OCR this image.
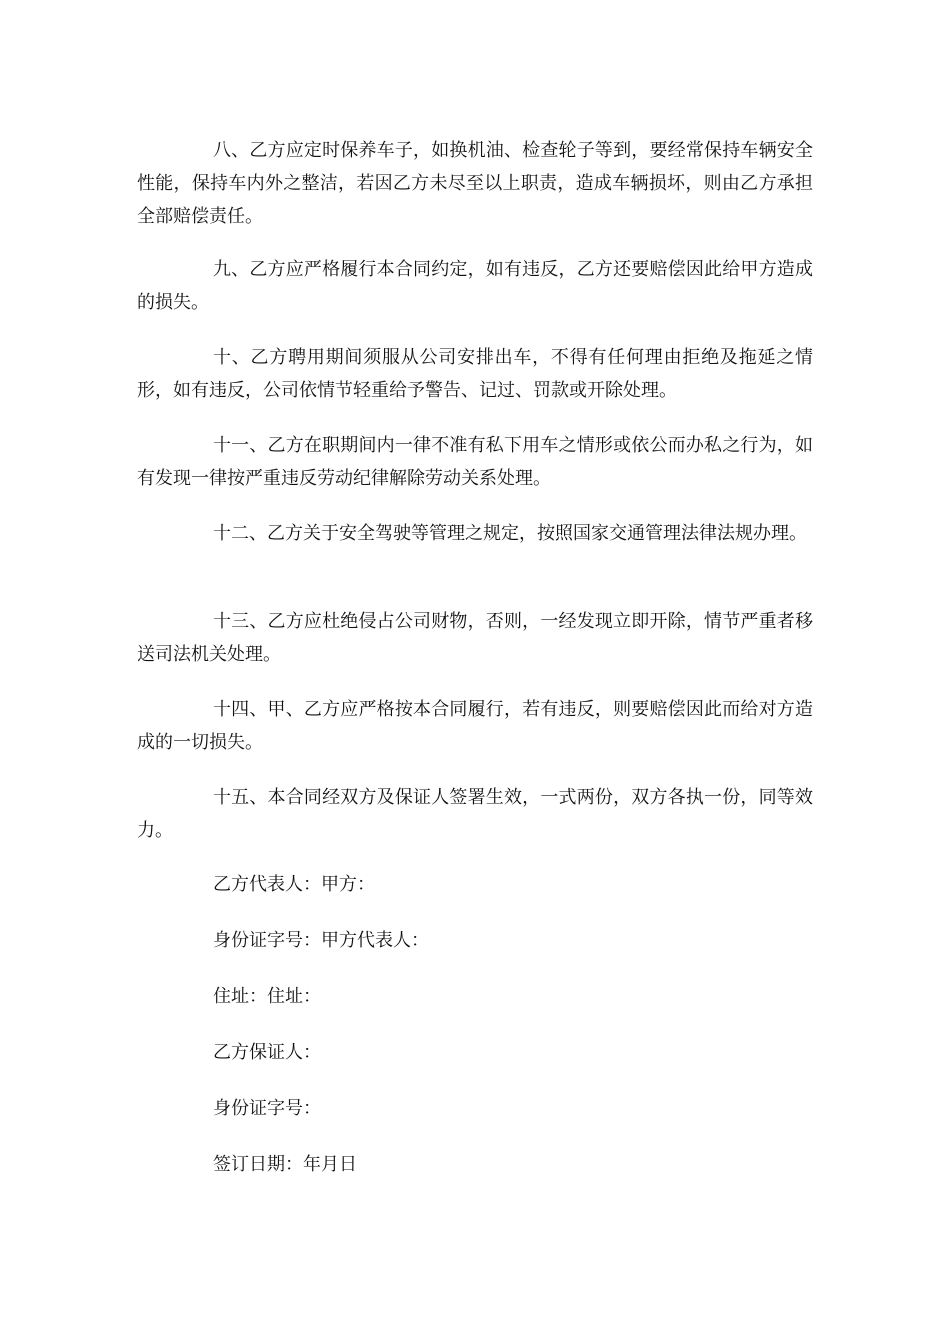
八、乙方应定时保养车子，如换机油、检查轮子等到，要经常保持车辆安全性能，保持车内外之整洁，若因乙方未尽至以上职责，造成车辆损坏，则由乙方承担全部赔偿责任。

九、乙方应严格履行本合同约定，如有违反，乙方还要赔偿因此给甲方造成的损失。

十、乙方聘用期间须服从公司安排出车，不得有任何理由拒绝及拖延之情形，如有违反，公司依情节轻重给予警告、记过、罚款或开除处理。

十一、乙方在职期间内一律不准有私下用车之情形或依公而办私之行为，如有发现一律按严重违反劳动纪律解除劳动关系处理。

十二、乙方关于安全驾驶等管理之规定，按照国家交通管理法律法规办理。

十三、乙方应杜绝侵占公司财物，否则，一经发现立即开除，情节严重者移送司法机关处理。

十四、甲、乙方应严格按本合同履行，若有违反，则要赔偿因此而给对方造成的一切损失。

十五、本合同经双方及保证人签署生效，一式两份，双方各执一份，同等效力。

乙方代表人：甲方：

身份证字号：甲方代表人：

住址：住址：

乙方保证人：

身份证字号：

签订日期：年月日
